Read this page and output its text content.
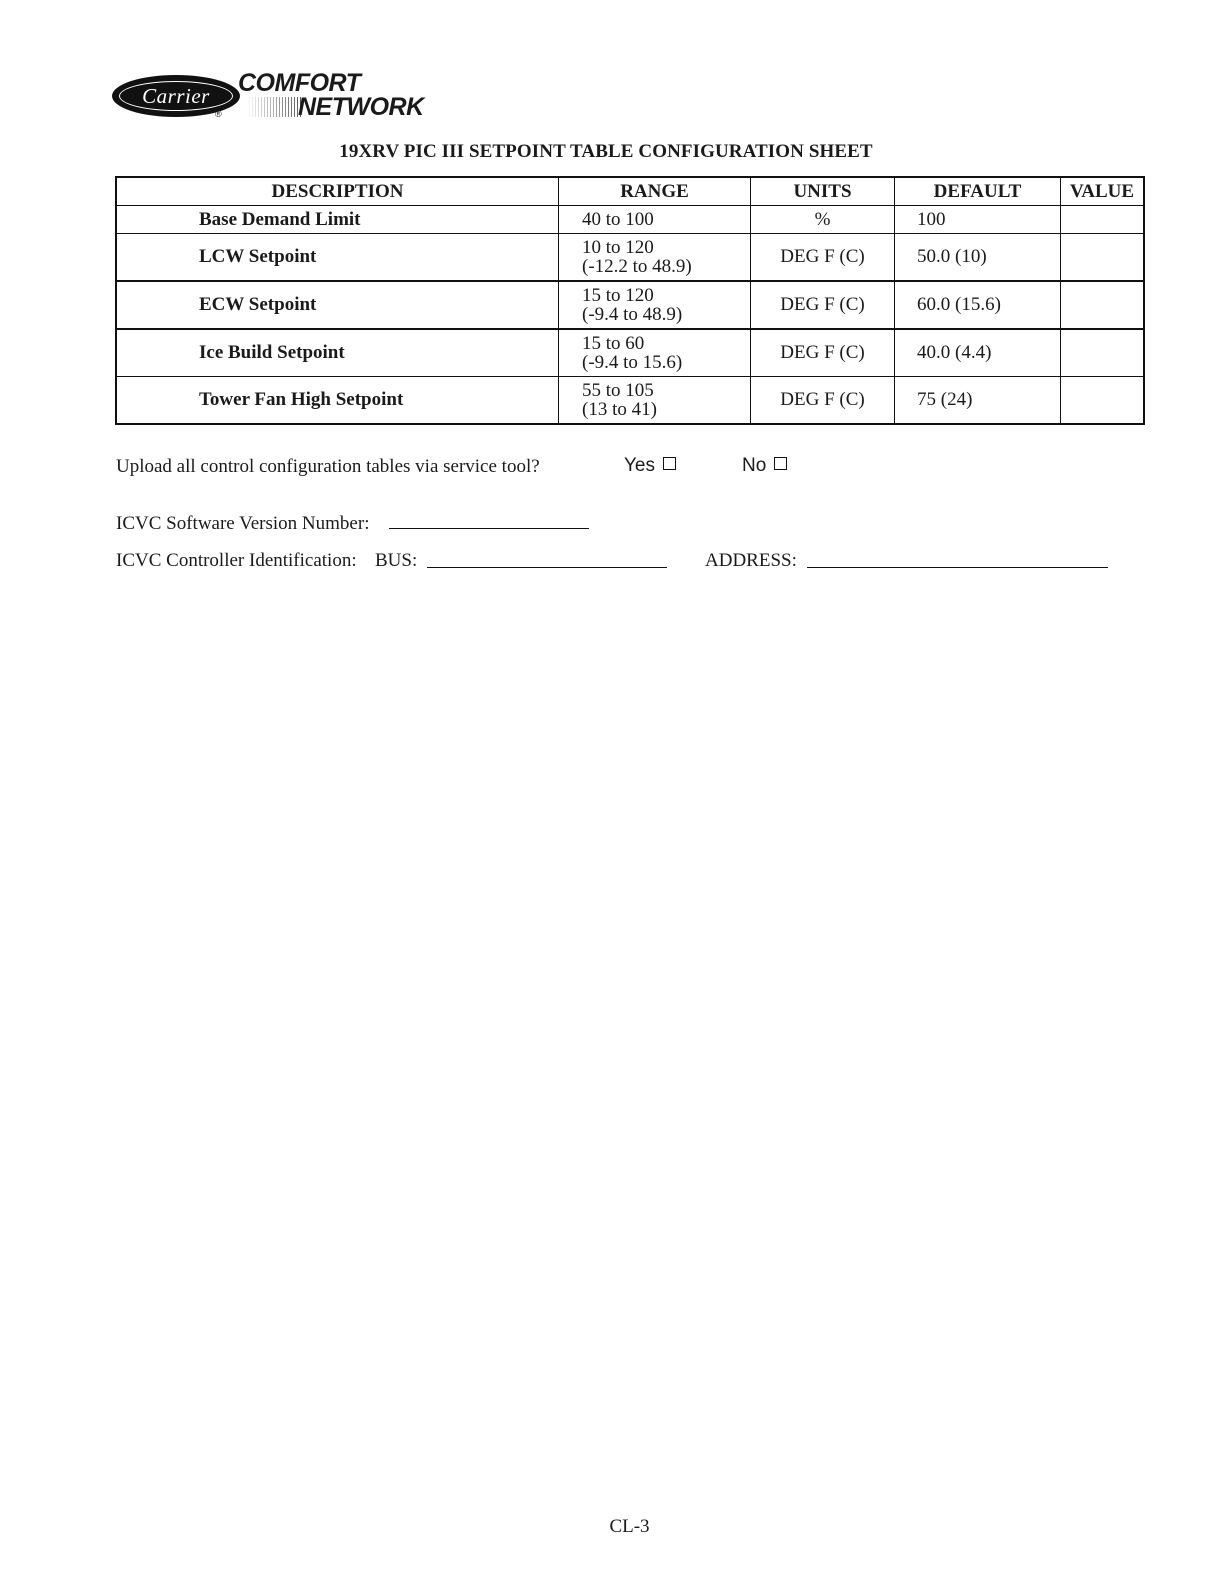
Carrier
®
COMFORT
NETWORK
19XRV PIC III SETPOINT TABLE CONFIGURATION SHEET
DESCRIPTION	RANGE	UNITS	DEFAULT	VALUE
Base Demand Limit	40 to 100	%	100	
LCW Setpoint	10 to 120
(-12.2 to 48.9)	DEG F (C)	50.0 (10)	
ECW Setpoint	15 to 120
(-9.4 to 48.9)	DEG F (C)	60.0 (15.6)	
Ice Build Setpoint	15 to 60
(-9.4 to 15.6)	DEG F (C)	40.0 (4.4)	
Tower Fan High Setpoint	55 to 105
(13 to 41)	DEG F (C)	75 (24)	
Upload all control configuration tables via service tool?	Yes	No
ICVC Software Version Number:
ICVC Controller Identification: BUS:	ADDRESS:
CL-3
